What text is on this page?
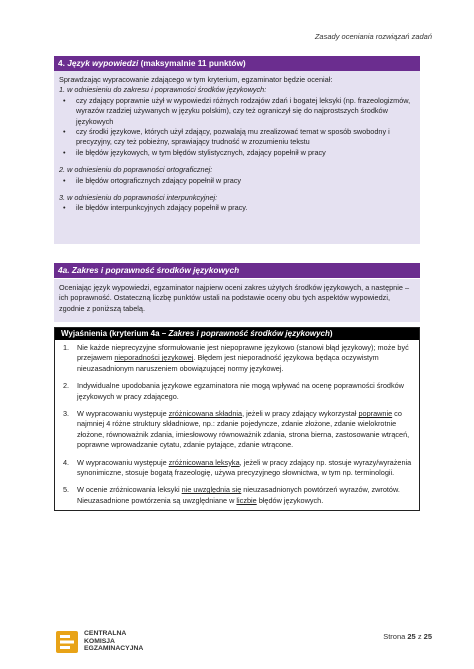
Zasady oceniania rozwiązań zadań
4. Język wypowiedzi (maksymalnie 11 punktów)

Sprawdzając wypracowanie zdającego w tym kryterium, egzaminator będzie oceniał:

1. w odniesieniu do zakresu i poprawności środków językowych:

• czy zdający poprawnie użył w wypowiedzi różnych rodzajów zdań i bogatej leksyki (np. frazeologizmów, wyrazów rzadziej używanych w języku polskim), czy też ograniczył się do najprostszych środków językowych
• czy środki językowe, których użył zdający, pozwalają mu zrealizować temat w sposób swobodny i precyzyjny, czy też pobieżny, sprawiający trudność w zrozumieniu tekstu
• ile błędów językowych, w tym błędów stylistycznych, zdający popełnił w pracy

2. w odniesieniu do poprawności ortograficznej:

• ile błędów ortograficznych zdający popełnił w pracy

3. w odniesieniu do poprawności interpunkcyjnej:

• ile błędów interpunkcyjnych zdający popełnił w pracy.
4a. Zakres i poprawność środków językowych

Oceniając język wypowiedzi, egzaminator najpierw oceni zakres użytych środków językowych, a następnie – ich poprawność. Ostateczną liczbę punktów ustali na podstawie oceny obu tych aspektów wypowiedzi, zgodnie z poniższą tabelą.

Wyjaśnienia (kryterium 4a – Zakres i poprawność środków językowych)
1. Nie każde nieprecyzyjne sformułowanie jest niepoprawne językowo (stanowi błąd językowy); może być przejawem nieporadności językowej. Błędem jest nieporadność językowa będąca oczywistym nieuzasadnionym naruszeniem obowiązującej normy językowej.
2. Indywidualne upodobania językowe egzaminatora nie mogą wpływać na ocenę poprawności środków językowych w pracy zdającego.
3. W wypracowaniu występuje zróżnicowana składnia, jeżeli w pracy zdający wykorzystał poprawnie co najmniej 4 różne struktury składniowe, np.: zdanie pojedyncze, zdanie złożone, zdanie wielokrotnie złożone, równoważnik zdania, imiesłowowy równoważnik zdania, strona bierna, zastosowanie wtrąceń, poprawne wprowadzanie cytatu, zdanie pytające, zdanie wtrącone.
4. W wypracowaniu występuje zróżnicowana leksyka, jeżeli w pracy zdający np. stosuje wyrazy/wyrażenia synonimiczne, stosuje bogatą frazeologię, używa precyzyjnego słownictwa, w tym np. terminologii.
5. W ocenie zróżnicowania leksyki nie uwzględnia się nieuzasadnionych powtórzeń wyrazów, zwrotów. Nieuzasadnione powtórzenia są uwzględniane w liczbie błędów językowych.
CENTRALNA
KOMISJA
EGZAMINACYJNA
Strona 25 z 25
